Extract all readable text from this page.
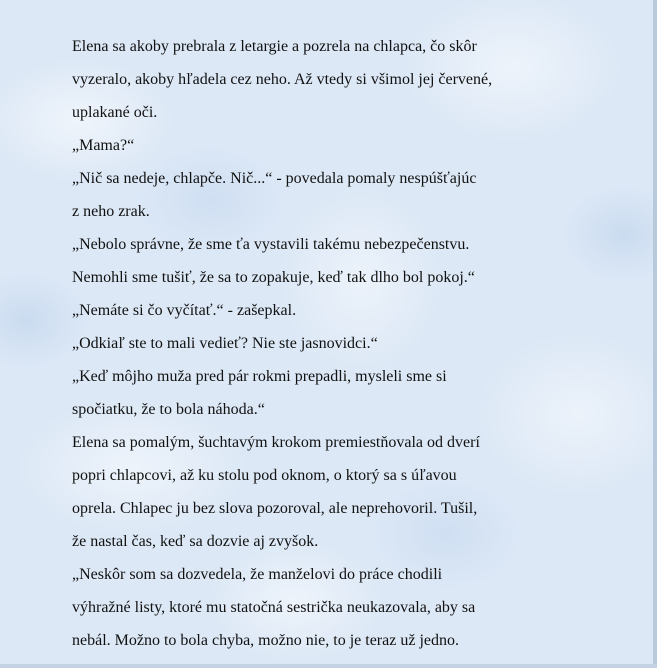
Elena sa akoby prebrala z letargie a pozrela na chlapca, čo skôr
vyzeralo, akoby hľadela cez neho. Až vtedy si všimol jej červené,
uplakané oči.
„Mama?“
„Nič sa nedeje, chlapče. Nič...“ - povedala pomaly nespúšťajúc
z neho zrak.
„Nebolo správne, že sme ťa vystavili takému nebezpečenstvu.
Nemohli sme tušiť, že sa to zopakuje, keď tak dlho bol pokoj.“
„Nemáte si čo vyčítať.“ - zašepkal.
„Odkiaľ ste to mali vedieť? Nie ste jasnovidci.“
„Keď môjho muža pred pár rokmi prepadli, mysleli sme si
spočiatku, že to bola náhoda.“
Elena sa pomalým, šuchtavým krokom premiestňovala od dverí
popri chlapcovi, až ku stolu pod oknom, o ktorý sa s úľavou
oprela. Chlapec ju bez slova pozoroval, ale neprehovoril. Tušil,
že nastal čas, keď sa dozvie aj zvyšok.
„Neskôr som sa dozvedela, že manželovi do práce chodili
výhražné listy, ktoré mu statočná sestrička neukazovala, aby sa
nebál. Možno to bola chyba, možno nie, to je teraz už jedno.
